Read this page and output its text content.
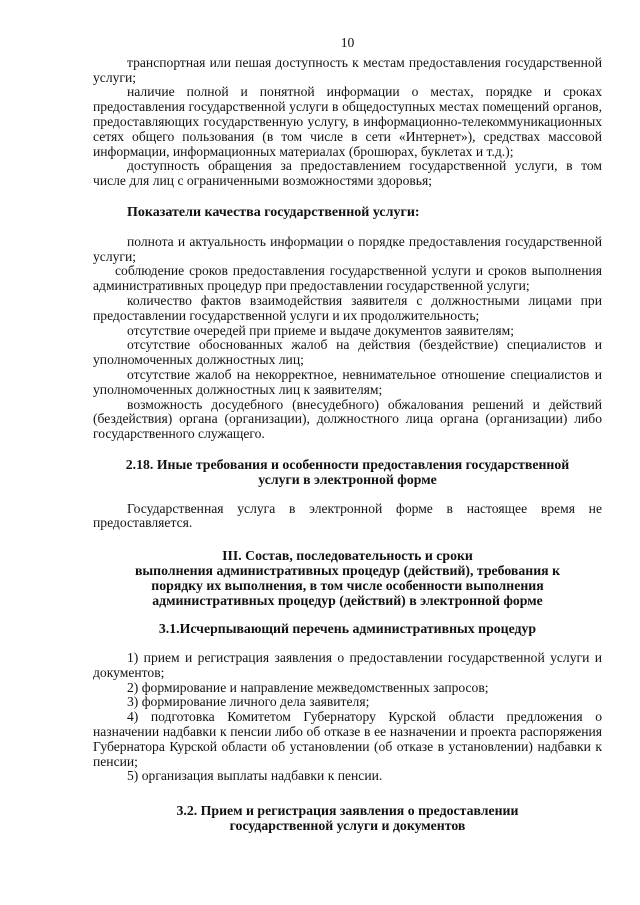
10

транспортная или пешая доступность к местам предоставления государственной услуги;

наличие полной и понятной информации о местах, порядке и сроках предоставления государственной услуги в общедоступных местах помещений органов, предоставляющих государственную услугу, в информационно-телекоммуникационных сетях общего пользования (в том числе в сети «Интернет»), средствах массовой информации, информационных материалах (брошюрах, буклетах и т.д.);

доступность обращения за предоставлением государственной услуги, в том числе для лиц с ограниченными возможностями здоровья;

Показатели качества государственной услуги:

полнота и актуальность информации о порядке предоставления государственной услуги;

соблюдение сроков предоставления государственной услуги и сроков выполнения административных процедур при предоставлении государственной услуги;

количество фактов взаимодействия заявителя с должностными лицами при предоставлении государственной услуги и их продолжительность;

отсутствие очередей при приеме и выдаче документов заявителям;

отсутствие обоснованных жалоб на действия (бездействие) специалистов и уполномоченных должностных лиц;

отсутствие жалоб на некорректное, невнимательное отношение специалистов и уполномоченных должностных лиц к заявителям;

возможность досудебного (внесудебного) обжалования решений и действий (бездействия) органа (организации), должностного лица органа (организации) либо государственного служащего.

2.18. Иные требования и особенности предоставления государственной
услуги в электронной форме

Государственная услуга в электронной форме в настоящее время не предоставляется.

III. Состав, последовательность и сроки
выполнения административных процедур (действий), требования к
порядку их выполнения, в том числе особенности выполнения
административных процедур (действий) в электронной форме
3.1.Исчерпывающий перечень административных процедур

1) прием и регистрация заявления о предоставлении государственной услуги и документов;

2) формирование и направление межведомственных запросов;

3) формирование личного дела заявителя;

4) подготовка Комитетом Губернатору Курской области предложения о назначении надбавки к пенсии либо об отказе в ее назначении и проекта распоряжения Губернатора Курской области об установлении (об отказе в установлении) надбавки к пенсии;

5) организация выплаты надбавки к пенсии.

3.2. Прием и регистрация заявления о предоставлении
государственной услуги и документов
